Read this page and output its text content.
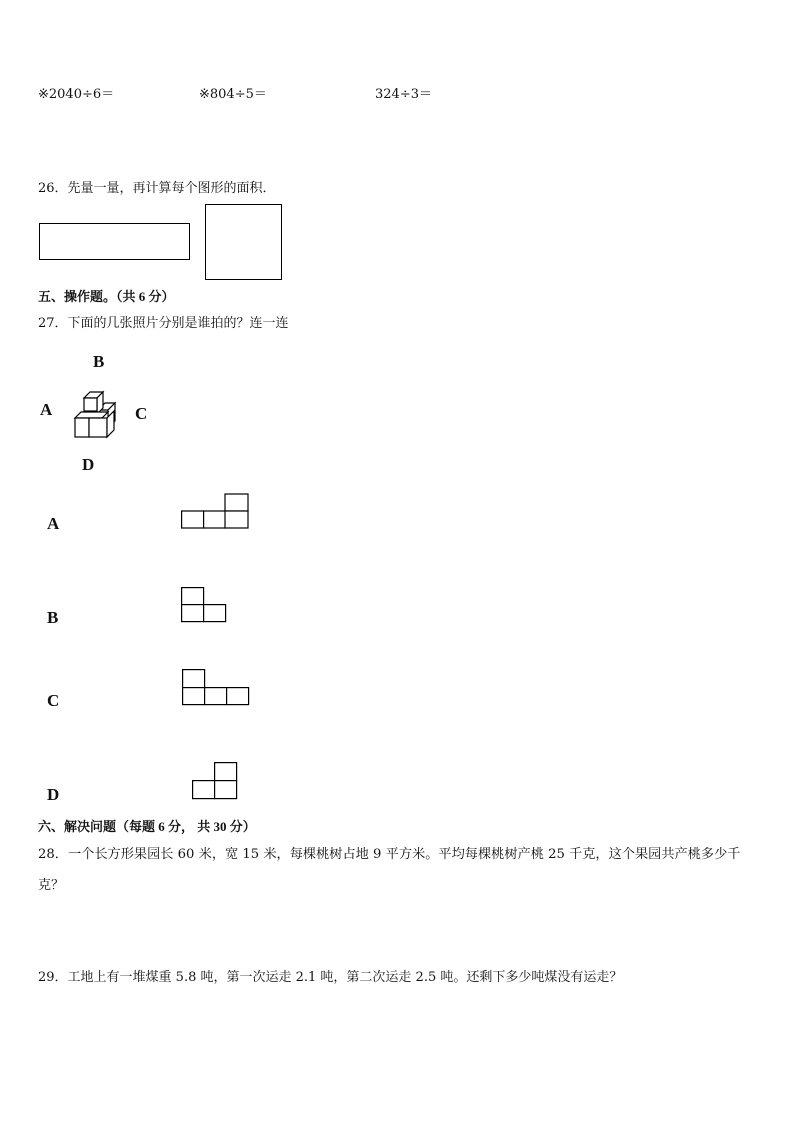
※2040÷6＝	※804÷5＝	324÷3＝
26．先量一量，再计算每个图形的面积．
五、操作题。（共 6 分）
27．下面的几张照片分别是谁拍的？连一连
B
A	C
D
A
B
C
D
六、解决问题（每题 6 分， 共 30 分）
28．一个长方形果园长 60 米，宽 15 米，每棵桃树占地 9 平方米。平均每棵桃树产桃 25 千克，这个果园共产桃多少千
克？
29．工地上有一堆煤重 5.8 吨，第一次运走 2.1 吨，第二次运走 2.5 吨。还剩下多少吨煤没有运走？
